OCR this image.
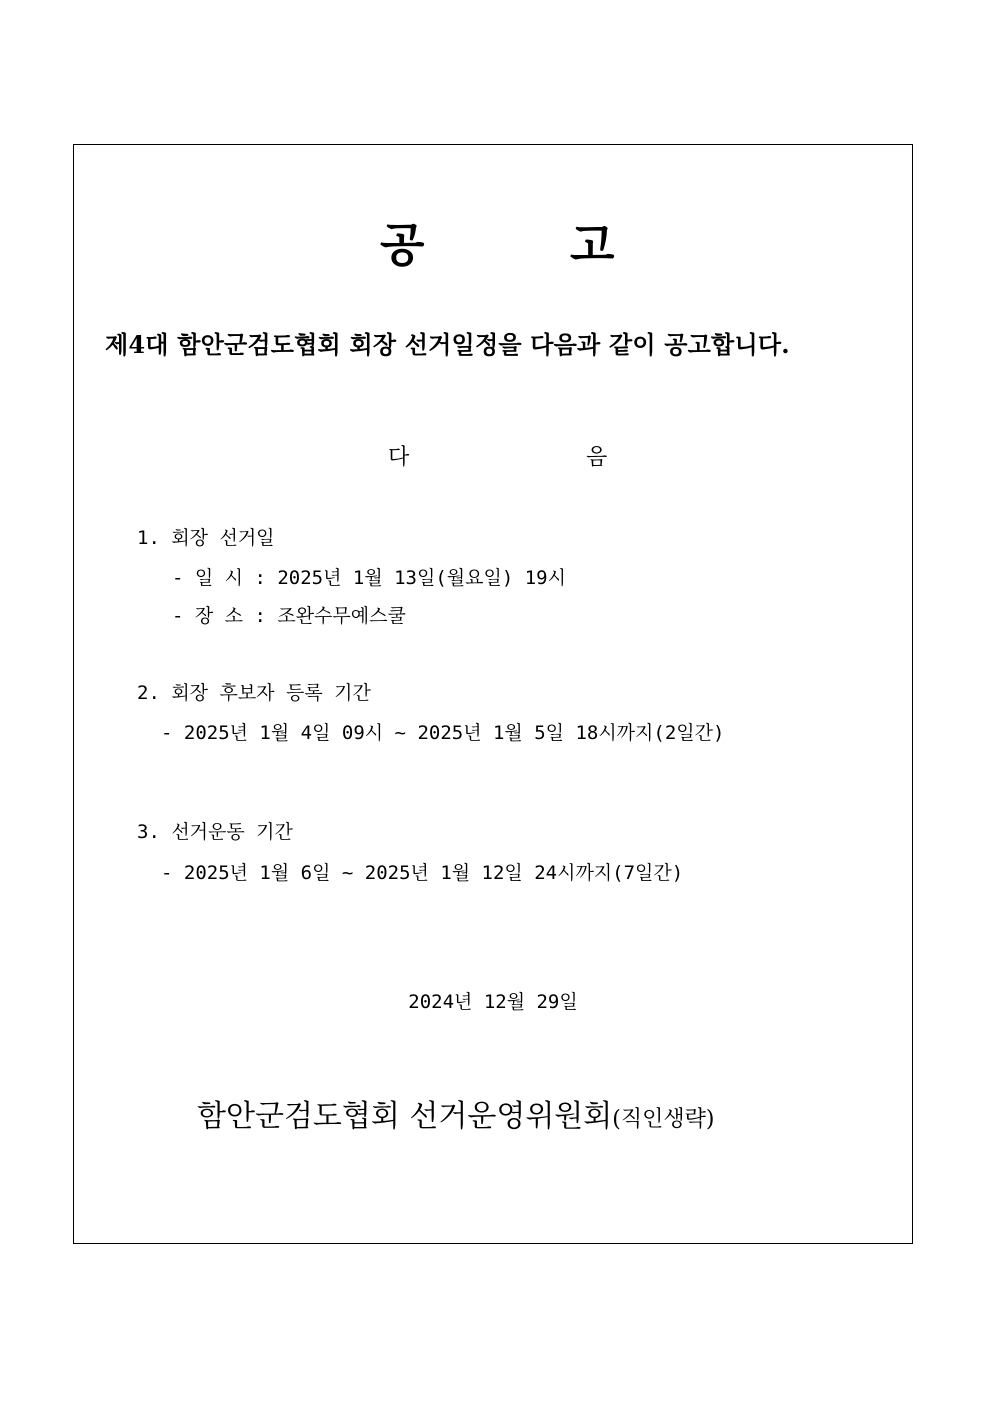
공	고
제4대 함안군검도협회 회장 선거일정을 다음과 같이 공고합니다.
다	음
1. 회장 선거일
- 일 시 : 2025년 1월 13일(월요일) 19시
- 장 소 : 조완수무예스쿨
2. 회장 후보자 등록 기간
- 2025년 1월 4일 09시 ~ 2025년 1월 5일 18시까지(2일간)
3. 선거운동 기간
- 2025년 1월 6일 ~ 2025년 1월 12일 24시까지(7일간)
2024년 12월 29일
함안군검도협회 선거운영위원회(직인생략)
